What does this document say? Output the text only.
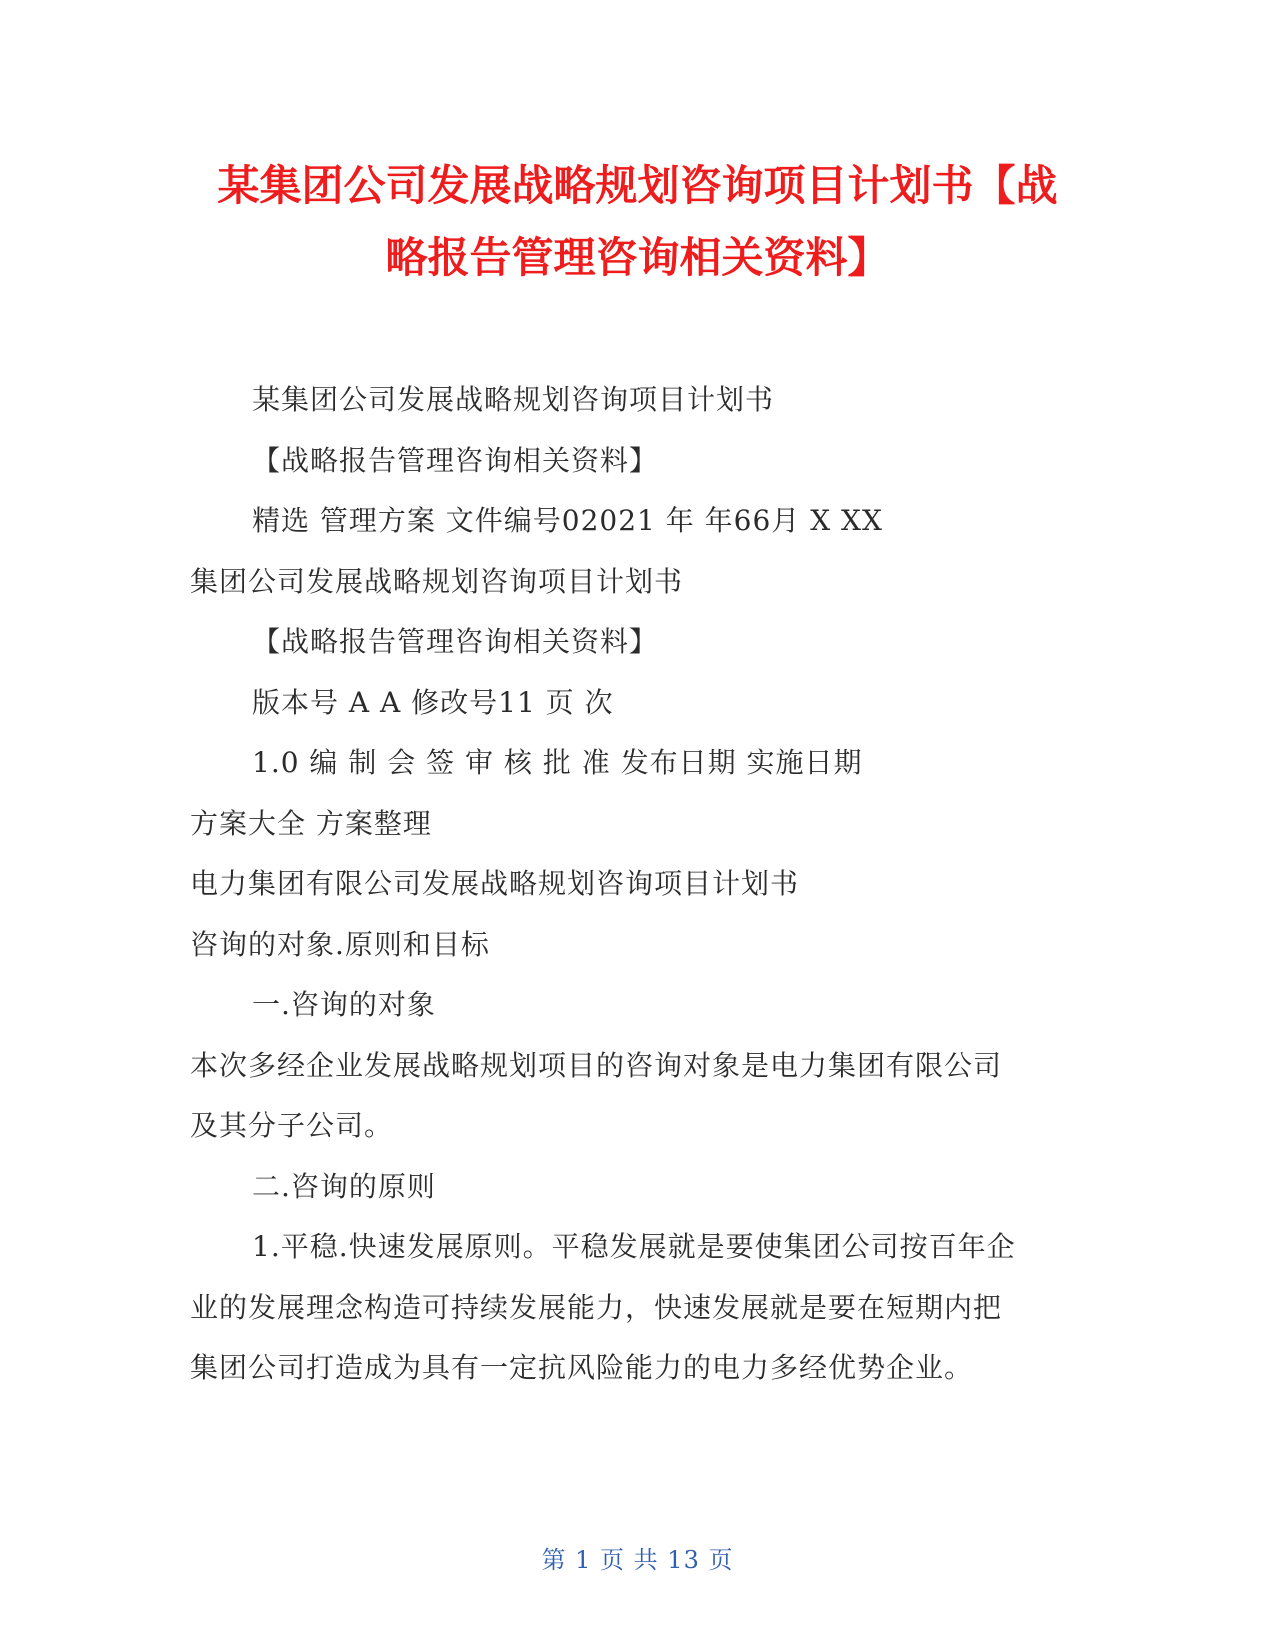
某集团公司发展战略规划咨询项目计划书【战
略报告管理咨询相关资料】
某集团公司发展战略规划咨询项目计划书
【战略报告管理咨询相关资料】
精选 管理方案 文件编号02021 年 年66月 X XX
集团公司发展战略规划咨询项目计划书
【战略报告管理咨询相关资料】
版本号 A A 修改号11 页 次
1.0 编 制 会 签 审 核 批 准 发布日期 实施日期
方案大全 方案整理
电力集团有限公司发展战略规划咨询项目计划书
咨询的对象.原则和目标
一.咨询的对象
本次多经企业发展战略规划项目的咨询对象是电力集团有限公司
及其分子公司。
二.咨询的原则
1.平稳.快速发展原则。平稳发展就是要使集团公司按百年企
业的发展理念构造可持续发展能力，快速发展就是要在短期内把
集团公司打造成为具有一定抗风险能力的电力多经优势企业。
第 1 页 共 13 页
